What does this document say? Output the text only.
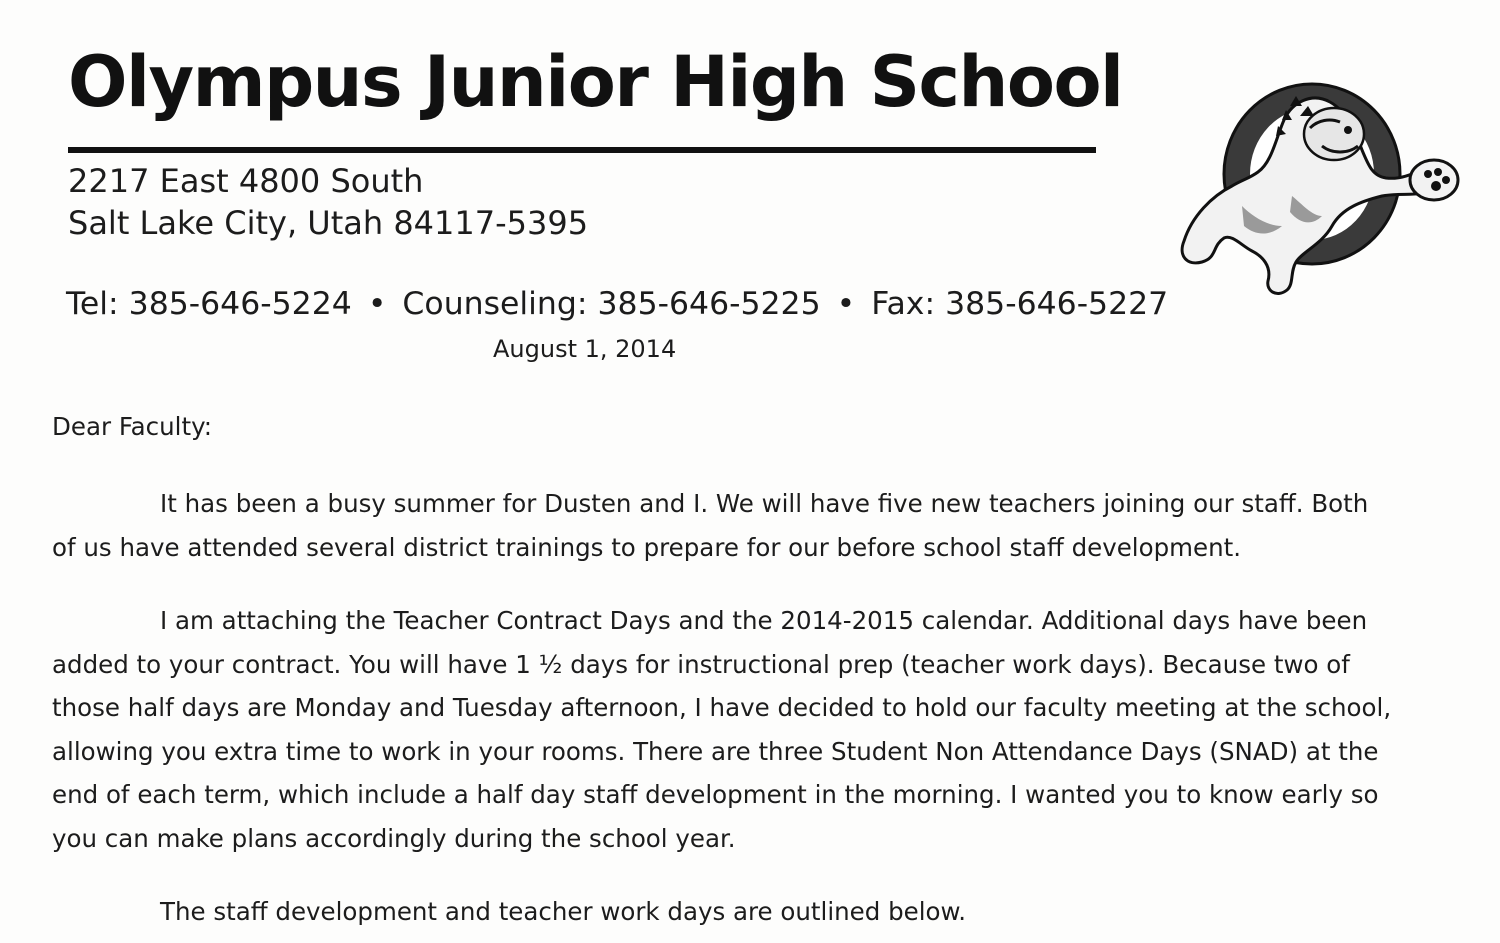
Olympus Junior High School
2217 East 4800 South
Salt Lake City, Utah 84117-5395
Tel: 385-646-5224 • Counseling: 385-646-5225 • Fax: 385-646-5227
August 1, 2014

Dear Faculty:

It has been a busy summer for Dusten and I. We will have five new teachers joining our staff. Both of us have attended several district trainings to prepare for our before school staff development.

I am attaching the Teacher Contract Days and the 2014-2015 calendar. Additional days have been added to your contract. You will have 1 ½ days for instructional prep (teacher work days). Because two of those half days are Monday and Tuesday afternoon, I have decided to hold our faculty meeting at the school, allowing you extra time to work in your rooms. There are three Student Non Attendance Days (SNAD) at the end of each term, which include a half day staff development in the morning. I wanted you to know early so you can make plans accordingly during the school year.

The staff development and teacher work days are outlined below.
